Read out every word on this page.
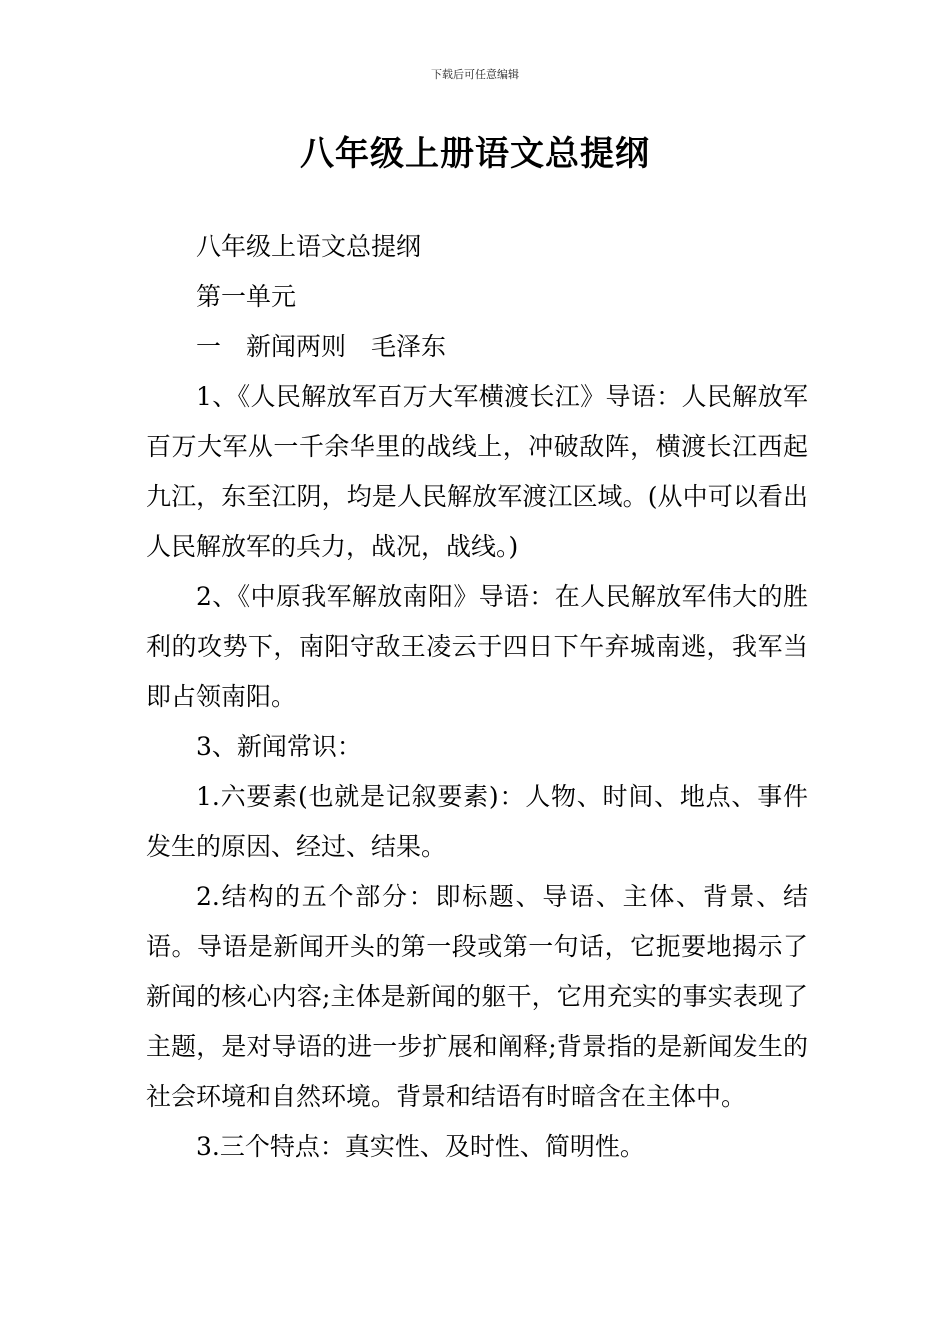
下载后可任意编辑
八年级上册语文总提纲

八年级上语文总提纲

第一单元

一　新闻两则　毛泽东

1、《人民解放军百万大军横渡长江》导语：人民解放军百万大军从一千余华里的战线上，冲破敌阵，横渡长江西起九江，东至江阴，均是人民解放军渡江区域。(从中可以看出人民解放军的兵力，战况，战线。)

2、《中原我军解放南阳》导语：在人民解放军伟大的胜利的攻势下，南阳守敌王凌云于四日下午弃城南逃，我军当即占领南阳。

3、新闻常识：

1.六要素(也就是记叙要素)：人物、时间、地点、事件发生的原因、经过、结果。

2.结构的五个部分：即标题、导语、主体、背景、结语。导语是新闻开头的第一段或第一句话，它扼要地揭示了新闻的核心内容;主体是新闻的躯干，它用充实的事实表现了主题，是对导语的进一步扩展和阐释;背景指的是新闻发生的社会环境和自然环境。背景和结语有时暗含在主体中。

3.三个特点：真实性、及时性、简明性。
